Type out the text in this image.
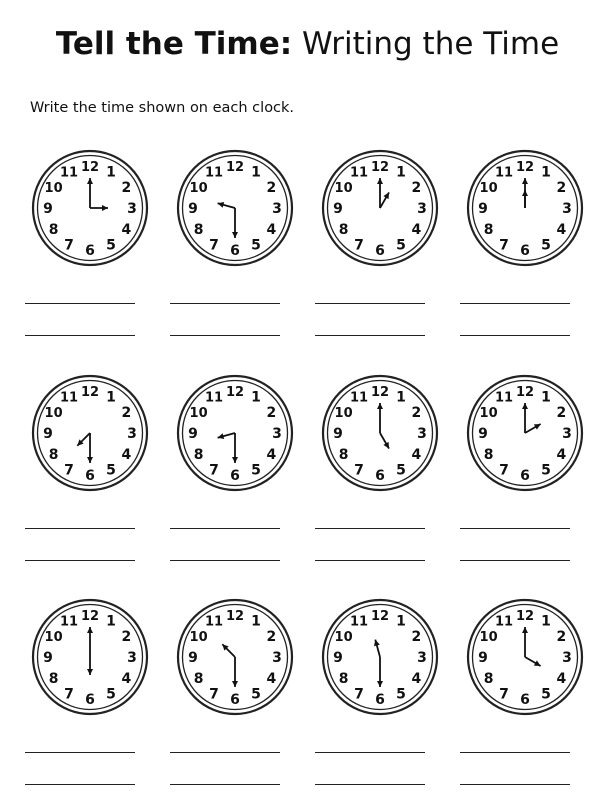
Tell the Time: Writing the Time
Write the time shown on each clock.
12 1
2
3
4
5
6
7
8
9
10
11	12 1
2
3
4
5
6
7
8
9
10
11	12 1
2
3
4
5
6
7
8
9
10
11	12 1
2
3
4
5
6
7
8
9
10
11
12 1
2
3
4
5
6
7
8
9
10
11	12 1
2
3
4
5
6
7
8
9
10
11	12 1
2
3
4
5
6
7
8
9
10
11	12 1
2
3
4
5
6
7
8
9
10
11
12 1
2
3
4
5
6
7
8
9
10
11	12 1
2
3
4
5
6
7
8
9
10
11	12 1
2
3
4
5
6
7
8
9
10
11	12 1
2
3
4
5
6
7
8
9
10
11
